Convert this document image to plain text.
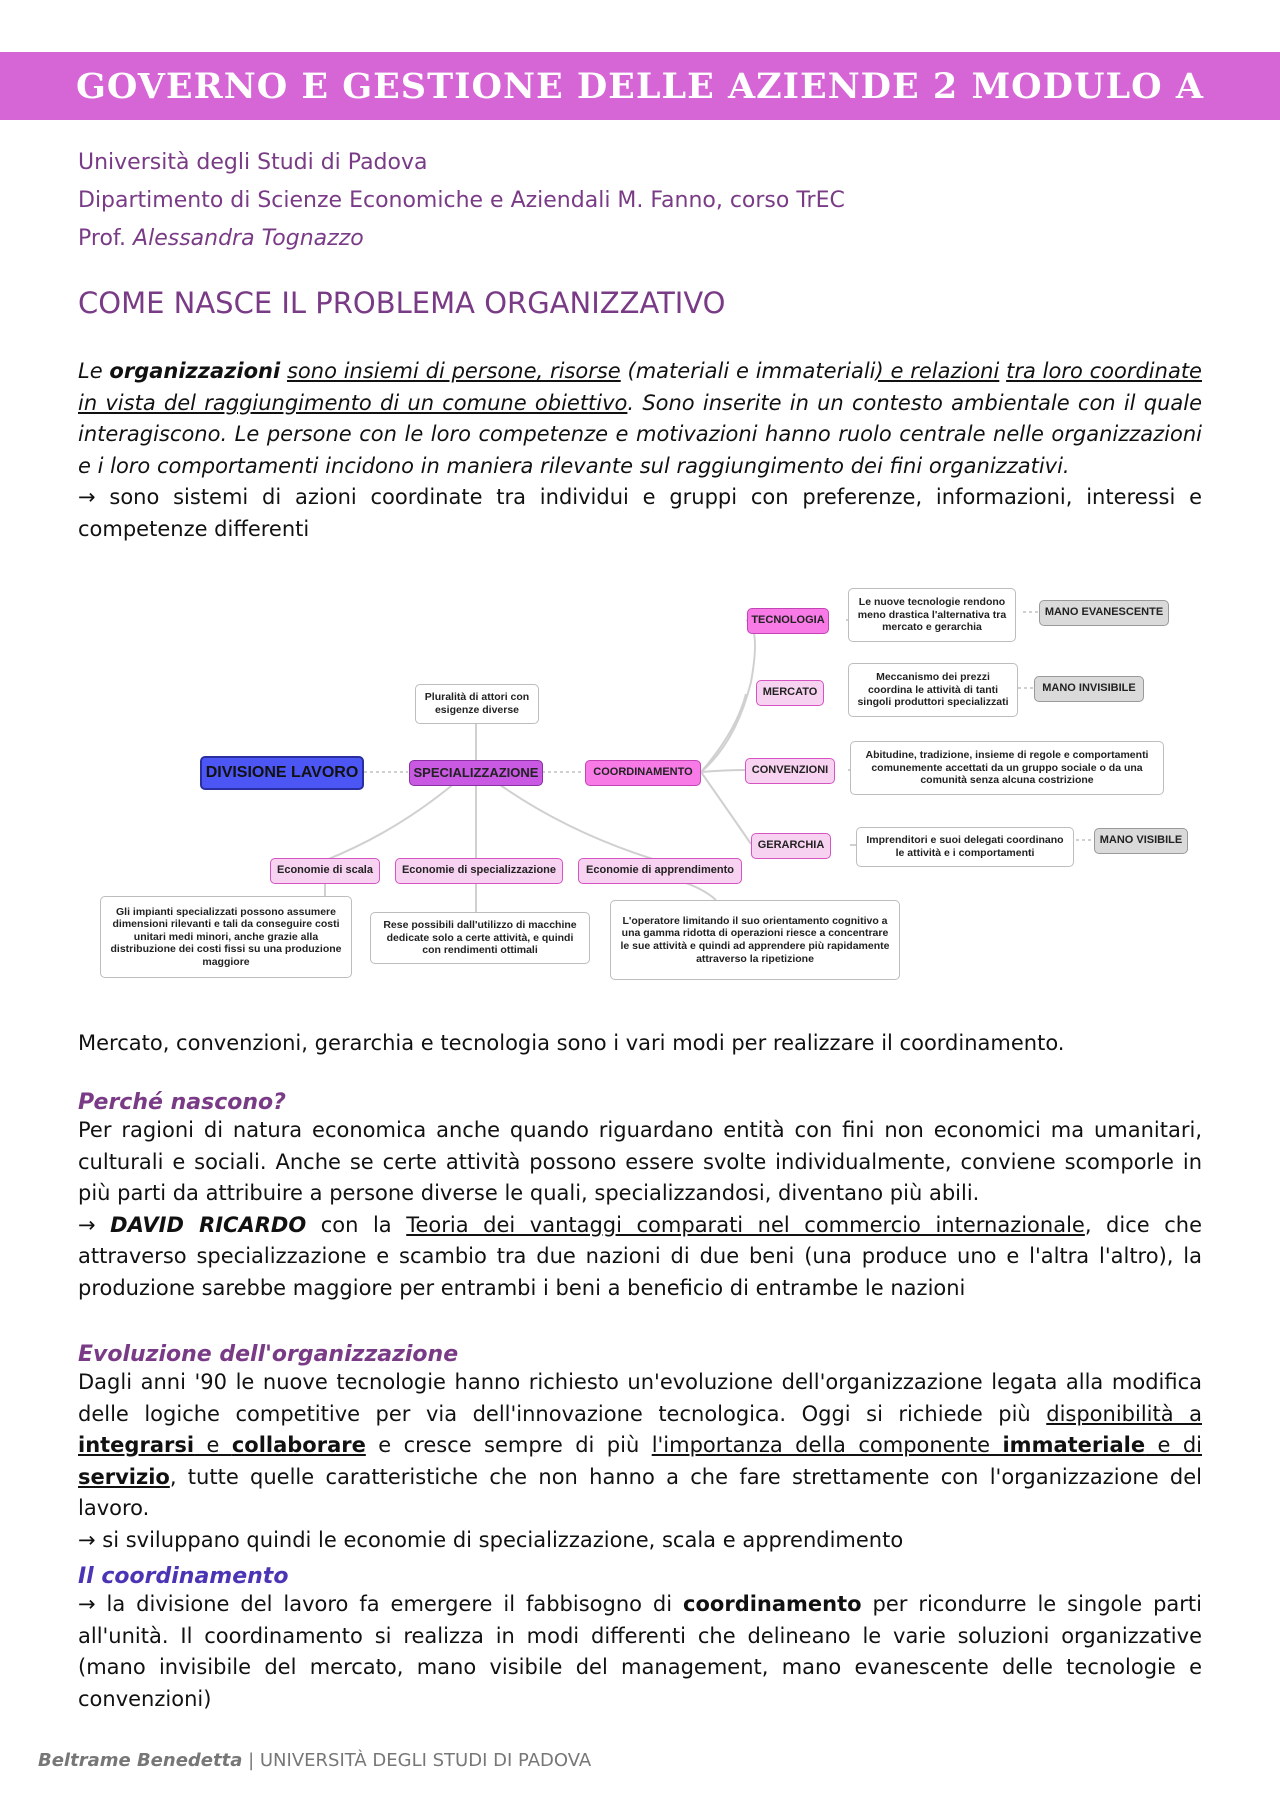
GOVERNO E GESTIONE DELLE AZIENDE 2 MODULO A
Università degli Studi di Padova
Dipartimento di Scienze Economiche e Aziendali M. Fanno, corso TrEC
Prof. Alessandra Tognazzo
COME NASCE IL PROBLEMA ORGANIZZATIVO

Le organizzazioni sono insiemi di persone, risorse (materiali e immateriali) e relazioni tra loro coordinate in vista del raggiungimento di un comune obiettivo. Sono inserite in un contesto ambientale con il quale interagiscono. Le persone con le loro competenze e motivazioni hanno ruolo centrale nelle organizzazioni e i loro comportamenti incidono in maniera rilevante sul raggiungimento dei fini organizzativi.

→ sono sistemi di azioni coordinate tra individui e gruppi con preferenze, informazioni, interessi e competenze differenti

DIVISIONE LAVORO	SPECIALIZZAZIONE	COORDINAMENTO
Pluralità di attori con esigenze diverse
TECNOLOGIA
MERCATO
CONVENZIONI
GERARCHIA
Le nuove tecnologie rendono meno drastica l'alternativa tra mercato e gerarchia
Meccanismo dei prezzi coordina le attività di tanti singoli produttori specializzati
Abitudine, tradizione, insieme di regole e comportamenti comunemente accettati da un gruppo sociale o da una comunità senza alcuna costrizione
Imprenditori e suoi delegati coordinano le attività e i comportamenti
MANO EVANESCENTE
MANO INVISIBILE
MANO VISIBILE
Economie di scala	Economie di specializzazione	Economie di apprendimento
Gli impianti specializzati possono assumere dimensioni rilevanti e tali da conseguire costi unitari medi minori, anche grazie alla distribuzione dei costi fissi su una produzione maggiore
Rese possibili dall'utilizzo di macchine dedicate solo a certe attività, e quindi con rendimenti ottimali
L'operatore limitando il suo orientamento cognitivo a una gamma ridotta di operazioni riesce a concentrare le sue attività e quindi ad apprendere più rapidamente attraverso la ripetizione
Mercato, convenzioni, gerarchia e tecnologia sono i vari modi per realizzare il coordinamento.
Perché nascono?

Per ragioni di natura economica anche quando riguardano entità con fini non economici ma umanitari, culturali e sociali. Anche se certe attività possono essere svolte individualmente, conviene scomporle in più parti da attribuire a persone diverse le quali, specializzandosi, diventano più abili.

→ DAVID RICARDO con la Teoria dei vantaggi comparati nel commercio internazionale, dice che attraverso specializzazione e scambio tra due nazioni di due beni (una produce uno e l'altra l'altro), la produzione sarebbe maggiore per entrambi i beni a beneficio di entrambe le nazioni

Evoluzione dell'organizzazione

Dagli anni '90 le nuove tecnologie hanno richiesto un'evoluzione dell'organizzazione legata alla modifica delle logiche competitive per via dell'innovazione tecnologica. Oggi si richiede più disponibilità a integrarsi e collaborare e cresce sempre di più l'importanza della componente immateriale e di servizio, tutte quelle caratteristiche che non hanno a che fare strettamente con l'organizzazione del lavoro.

→ si sviluppano quindi le economie di specializzazione, scala e apprendimento

Il coordinamento

→ la divisione del lavoro fa emergere il fabbisogno di coordinamento per ricondurre le singole parti all'unità. Il coordinamento si realizza in modi differenti che delineano le varie soluzioni organizzative (mano invisibile del mercato, mano visibile del management, mano evanescente delle tecnologie e convenzioni)

Beltrame Benedetta | UNIVERSITÀ DEGLI STUDI DI PADOVA
